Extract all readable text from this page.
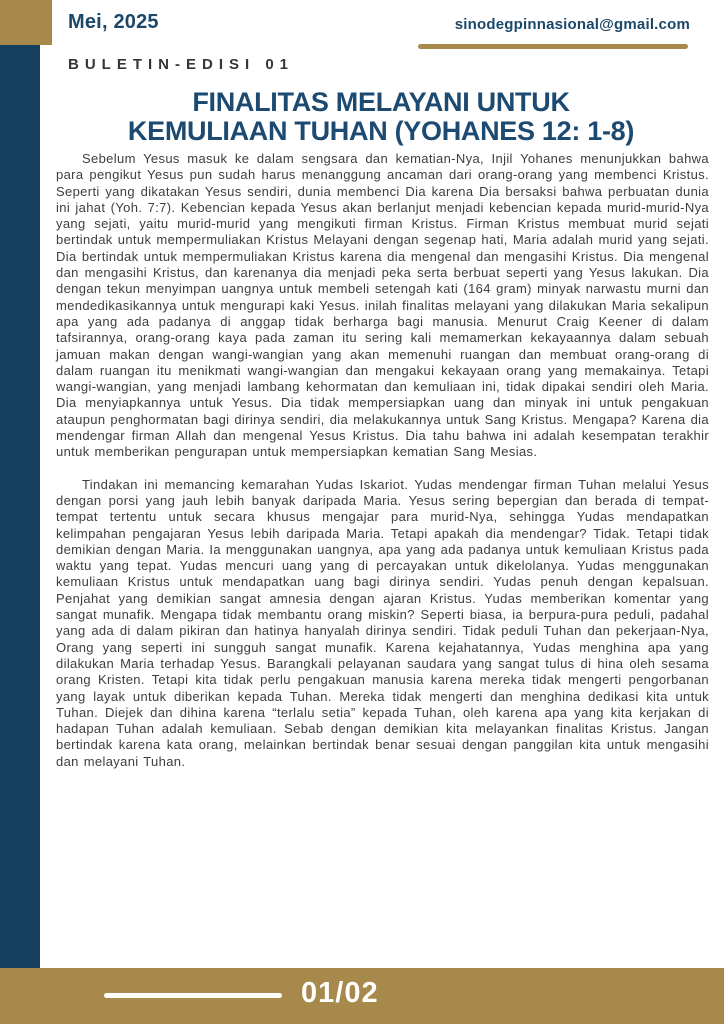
Mei, 2025	sinodegpinnasional@gmail.com
BULETIN-EDISI 01
FINALITAS MELAYANI UNTUK
KEMULIAAN TUHAN (YOHANES 12: 1-8)

Sebelum Yesus masuk ke dalam sengsara dan kematian-Nya, Injil Yohanes menunjukkan bahwa para pengikut Yesus pun sudah harus menanggung ancaman dari orang-orang yang membenci Kristus. Seperti yang dikatakan Yesus sendiri, dunia membenci Dia karena Dia bersaksi bahwa perbuatan dunia ini jahat (Yoh. 7:7). Kebencian kepada Yesus akan berlanjut menjadi kebencian kepada murid-murid-Nya yang sejati, yaitu murid-murid yang mengikuti firman Kristus. Firman Kristus membuat murid sejati bertindak untuk mempermuliakan Kristus Melayani dengan segenap hati, Maria adalah murid yang sejati. Dia bertindak untuk mempermuliakan Kristus karena dia mengenal dan mengasihi Kristus. Dia mengenal dan mengasihi Kristus, dan karenanya dia menjadi peka serta berbuat seperti yang Yesus lakukan. Dia dengan tekun menyimpan uangnya untuk membeli setengah kati (164 gram) minyak narwastu murni dan mendedikasikannya untuk mengurapi kaki Yesus. inilah finalitas melayani yang dilakukan Maria sekalipun apa yang ada padanya di anggap tidak berharga bagi manusia. Menurut Craig Keener di dalam tafsirannya, orang-orang kaya pada zaman itu sering kali memamerkan kekayaannya dalam sebuah jamuan makan dengan wangi-wangian yang akan memenuhi ruangan dan membuat orang-orang di dalam ruangan itu menikmati wangi-wangian dan mengakui kekayaan orang yang memakainya. Tetapi wangi-wangian, yang menjadi lambang kehormatan dan kemuliaan ini, tidak dipakai sendiri oleh Maria. Dia menyiapkannya untuk Yesus. Dia tidak mempersiapkan uang dan minyak ini untuk pengakuan ataupun penghormatan bagi dirinya sendiri, dia melakukannya untuk Sang Kristus. Mengapa? Karena dia mendengar firman Allah dan mengenal Yesus Kristus. Dia tahu bahwa ini adalah kesempatan terakhir untuk memberikan pengurapan untuk mempersiapkan kematian Sang Mesias.

Tindakan ini memancing kemarahan Yudas Iskariot. Yudas mendengar firman Tuhan melalui Yesus dengan porsi yang jauh lebih banyak daripada Maria. Yesus sering bepergian dan berada di tempat-tempat tertentu untuk secara khusus mengajar para murid-Nya, sehingga Yudas mendapatkan kelimpahan pengajaran Yesus lebih daripada Maria. Tetapi apakah dia mendengar? Tidak. Tetapi tidak demikian dengan Maria. Ia menggunakan uangnya, apa yang ada padanya untuk kemuliaan Kristus pada waktu yang tepat. Yudas mencuri uang yang di percayakan untuk dikelolanya. Yudas menggunakan kemuliaan Kristus untuk mendapatkan uang bagi dirinya sendiri. Yudas penuh dengan kepalsuan. Penjahat yang demikian sangat amnesia dengan ajaran Kristus. Yudas memberikan komentar yang sangat munafik. Mengapa tidak membantu orang miskin? Seperti biasa, ia berpura-pura peduli, padahal yang ada di dalam pikiran dan hatinya hanyalah dirinya sendiri. Tidak peduli Tuhan dan pekerjaan-Nya, Orang yang seperti ini sungguh sangat munafik. Karena kejahatannya, Yudas menghina apa yang dilakukan Maria terhadap Yesus. Barangkali pelayanan saudara yang sangat tulus di hina oleh sesama orang Kristen. Tetapi kita tidak perlu pengakuan manusia karena mereka tidak mengerti pengorbanan yang layak untuk diberikan kepada Tuhan. Mereka tidak mengerti dan menghina dedikasi kita untuk Tuhan. Diejek dan dihina karena “terlalu setia” kepada Tuhan, oleh karena apa yang kita kerjakan di hadapan Tuhan adalah kemuliaan. Sebab dengan demikian kita melayankan finalitas Kristus. Jangan bertindak karena kata orang, melainkan bertindak benar sesuai dengan panggilan kita untuk mengasihi dan melayani Tuhan.

01/02
